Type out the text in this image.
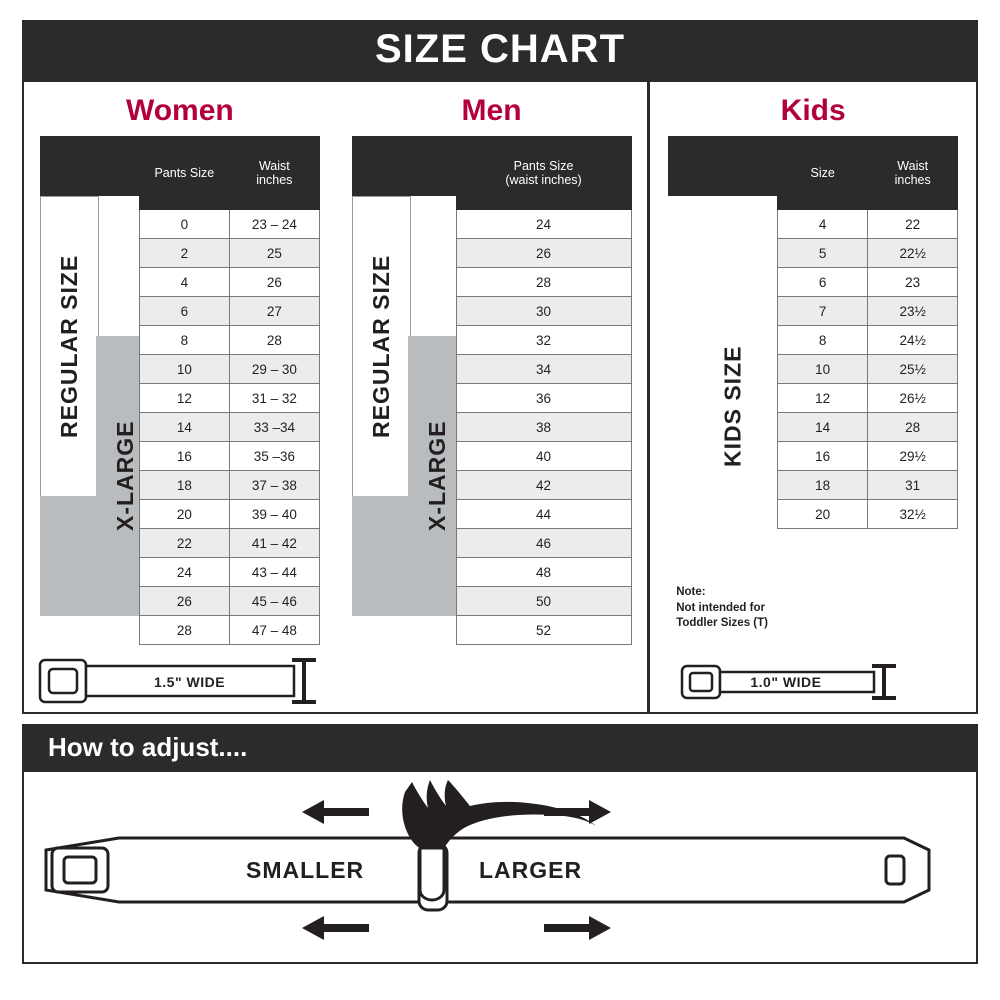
SIZE CHART
Women
REGULAR SIZE
X-LARGE
Pants Size	Waist
inches
0	23 – 24
2	25
4	26
6	27
8	28
10	29 – 30
12	31 – 32
14	33 –34
16	35 –36
18	37 – 38
20	39 – 40
22	41 – 42
24	43 – 44
26	45 – 46
28	47 – 48
1.5" WIDE
Men
REGULAR SIZE
X-LARGE
Pants Size
(waist inches)
24
26
28
30
32
34
36
38
40
42
44
46
48
50
52
Kids
KIDS SIZE
Size	Waist
inches
4	22
5	22½
6	23
7	23½
8	24½
10	25½
12	26½
14	28
16	29½
18	31
20	32½
Note:
Not intended for
Toddler Sizes (T)
1.0" WIDE
How to adjust....
SMALLER	LARGER
